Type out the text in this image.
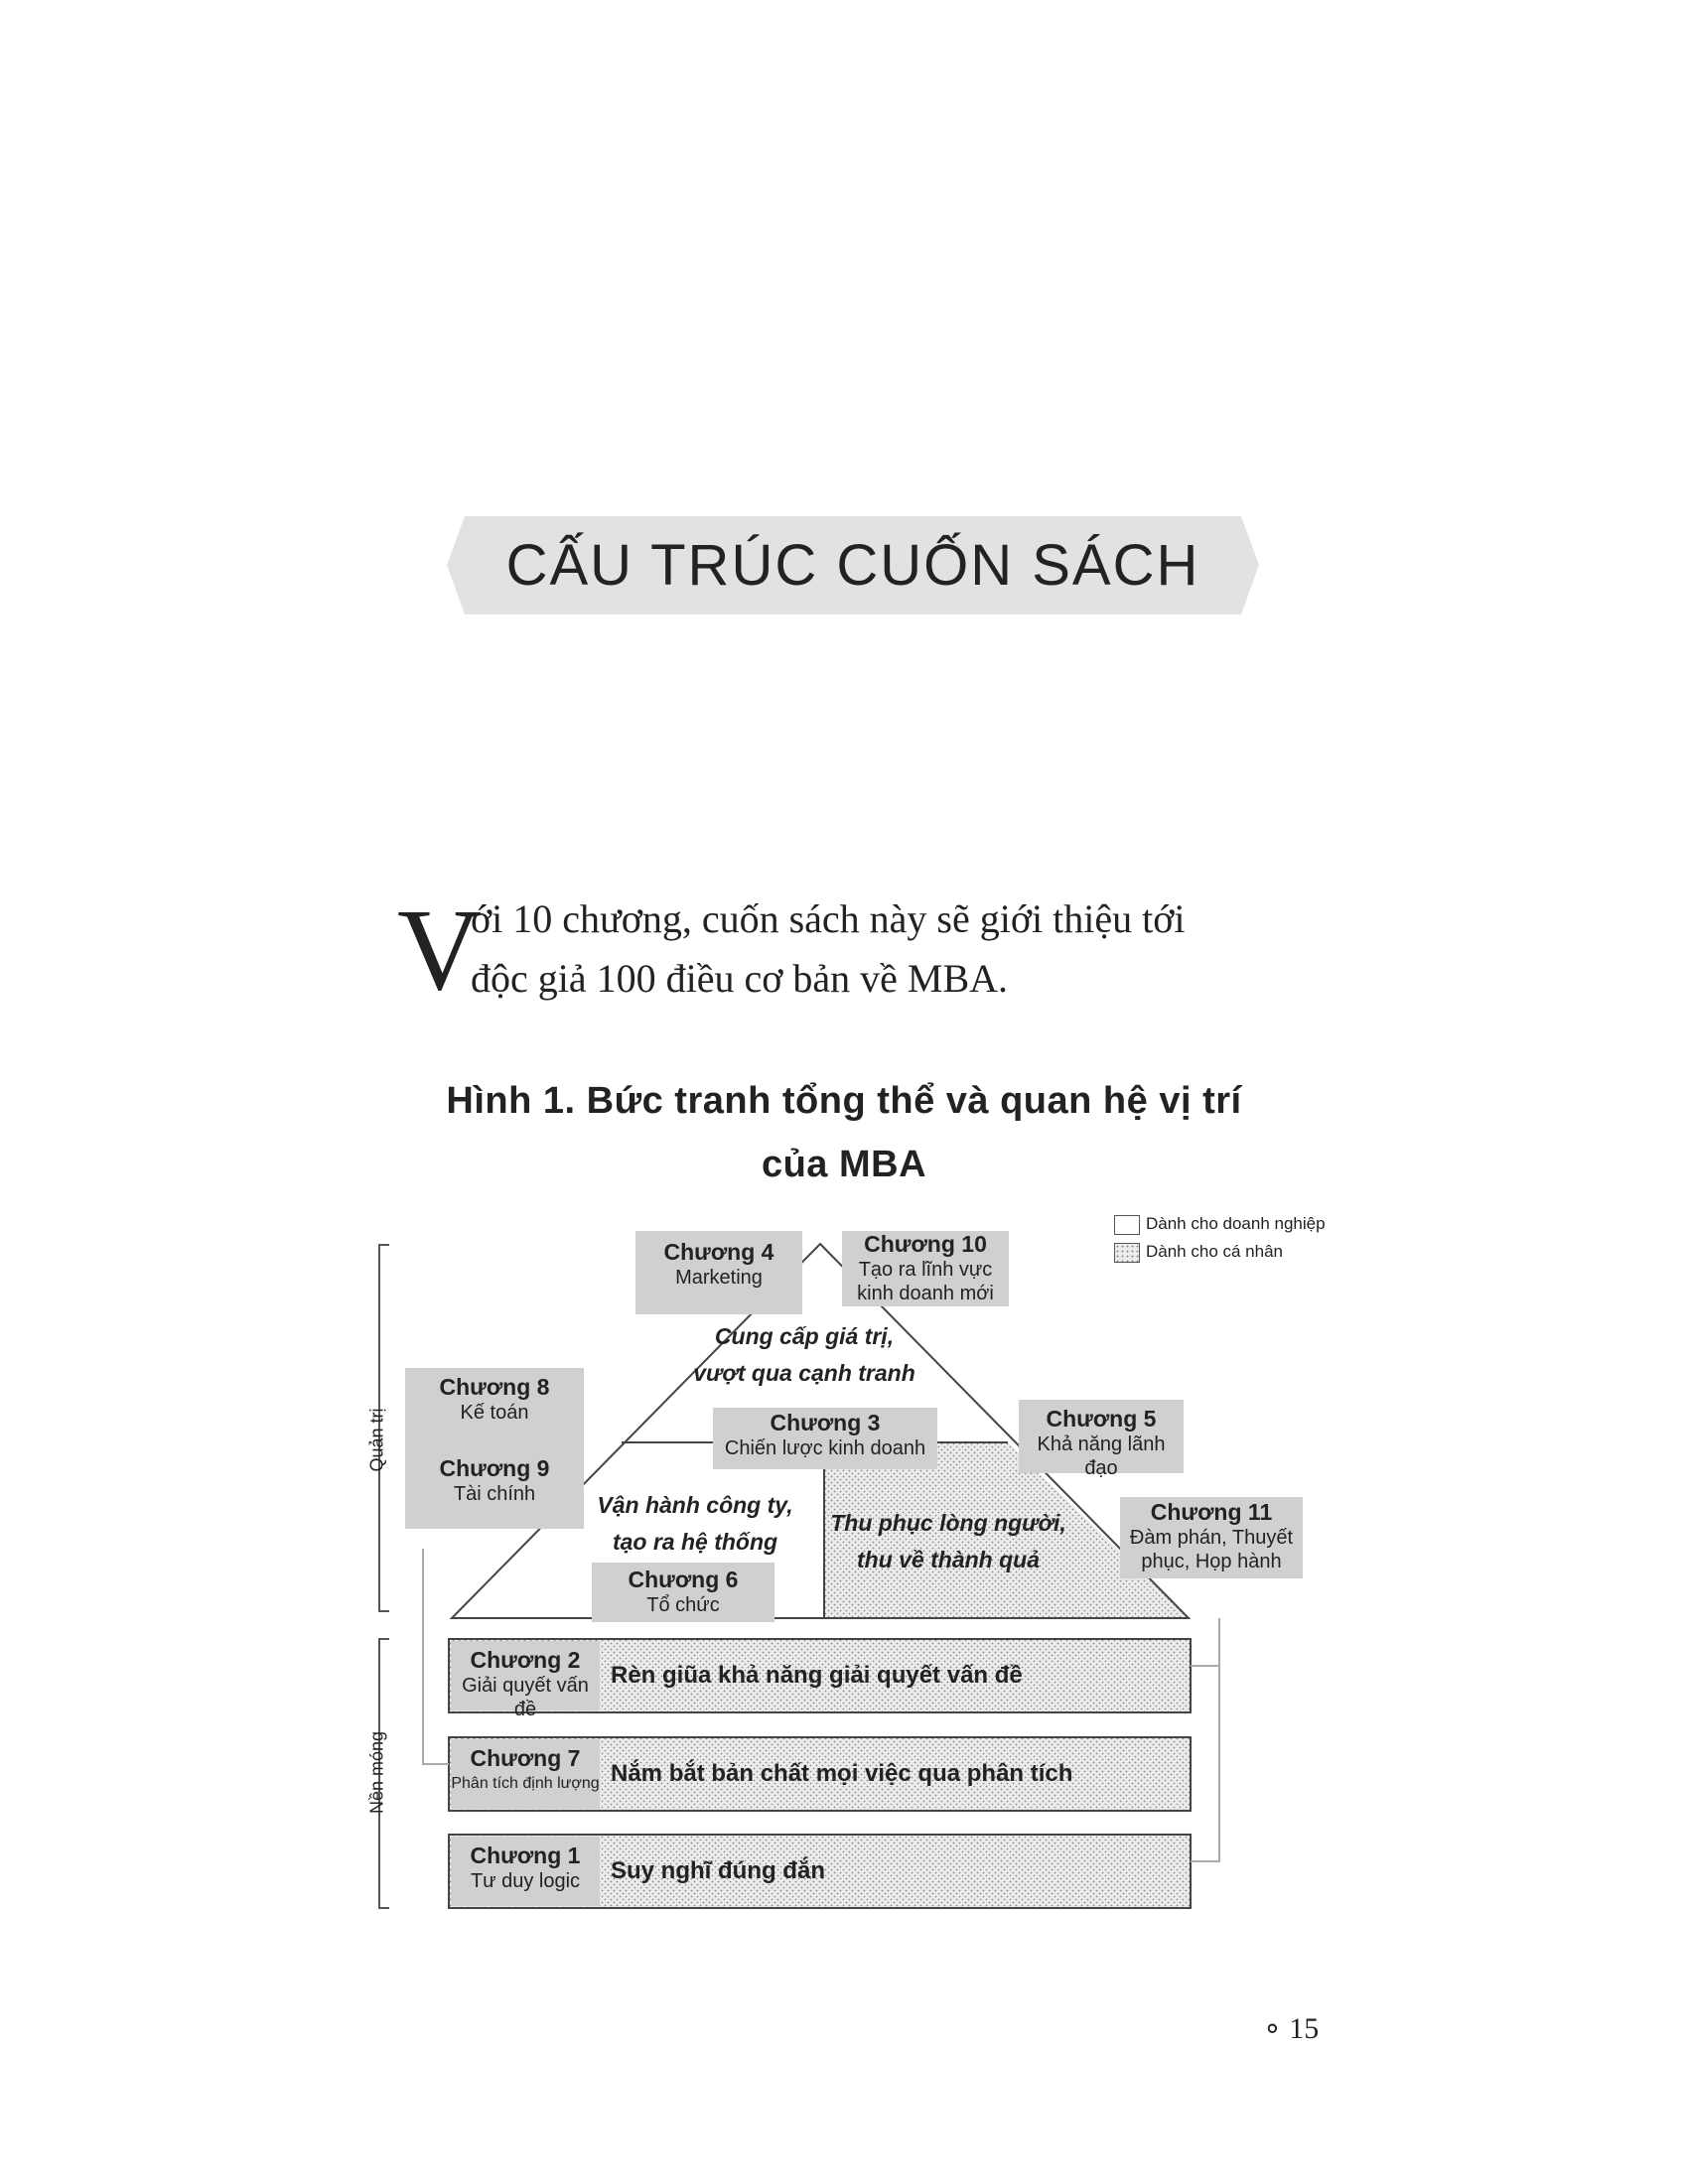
CẤU TRÚC CUỐN SÁCH
V
ới 10 chương, cuốn sách này sẽ giới thiệu tới
độc giả 100 điều cơ bản về MBA.
Hình 1. Bức tranh tổng thể và quan hệ vị trí
của MBA
Dành cho doanh nghiệp
Dành cho cá nhân
Quản trị
Nền móng
Chương 4
Marketing
Chương 10
Tạo ra lĩnh vực
kinh doanh mới
Chương 8
Kế toán
Chương 9
Tài chính
Chương 3
Chiến lược kinh doanh
Chương 5
Khả năng lãnh đạo
Chương 11
Đàm phán, Thuyết
phục, Họp hành
Chương 6
Tổ chức
Chương 2
Giải quyết vấn đề
Chương 7
Phân tích định lượng
Chương 1
Tư duy logic
Cung cấp giá trị,
vượt qua cạnh tranh
Vận hành công ty,
tạo ra hệ thống
Thu phục lòng người,
thu về thành quả
Rèn giũa khả năng giải quyết vấn đề
Nắm bắt bản chất mọi việc qua phân tích
Suy nghĩ đúng đắn
∘ 15
